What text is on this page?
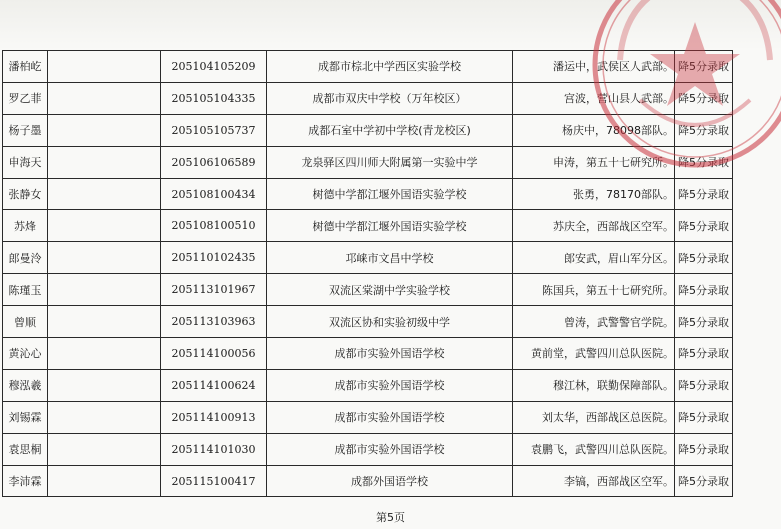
潘柏屹		205104105209	成都市棕北中学西区实验学校	潘运中，武侯区人武部。	降5分录取
罗乙菲		205105104335	成都市双庆中学校（万年校区）	宫波，营山县人武部。	降5分录取
杨子墨		205105105737	成都石室中学初中学校(青龙校区)	杨庆中，78098部队。	降5分录取
申海天		205106106589	龙泉驿区四川师大附属第一实验中学	申涛，第五十七研究所。	降5分录取
张静女		205108100434	树德中学都江堰外国语实验学校	张勇，78170部队。	降5分录取
苏烽		205108100510	树德中学都江堰外国语实验学校	苏庆全，西部战区空军。	降5分录取
郎曼泠		205110102435	邛崃市文昌中学校	郎安武，眉山军分区。	降5分录取
陈瑾玉		205113101967	双流区棠湖中学实验学校	陈国兵，第五十七研究所。	降5分录取
曾顺		205113103963	双流区协和实验初级中学	曾涛，武警警官学院。	降5分录取
黄沁心		205114100056	成都市实验外国语学校	黄前堂，武警四川总队医院。	降5分录取
穆泓羲		205114100624	成都市实验外国语学校	穆江林，联勤保障部队。	降5分录取
刘锡霖		205114100913	成都市实验外国语学校	刘太华，西部战区总医院。	降5分录取
袁思桐		205114101030	成都市实验外国语学校	袁鹏飞，武警四川总队医院。	降5分录取
李沛霖		205115100417	成都外国语学校	李镐，西部战区空军。	降5分录取
第5页
